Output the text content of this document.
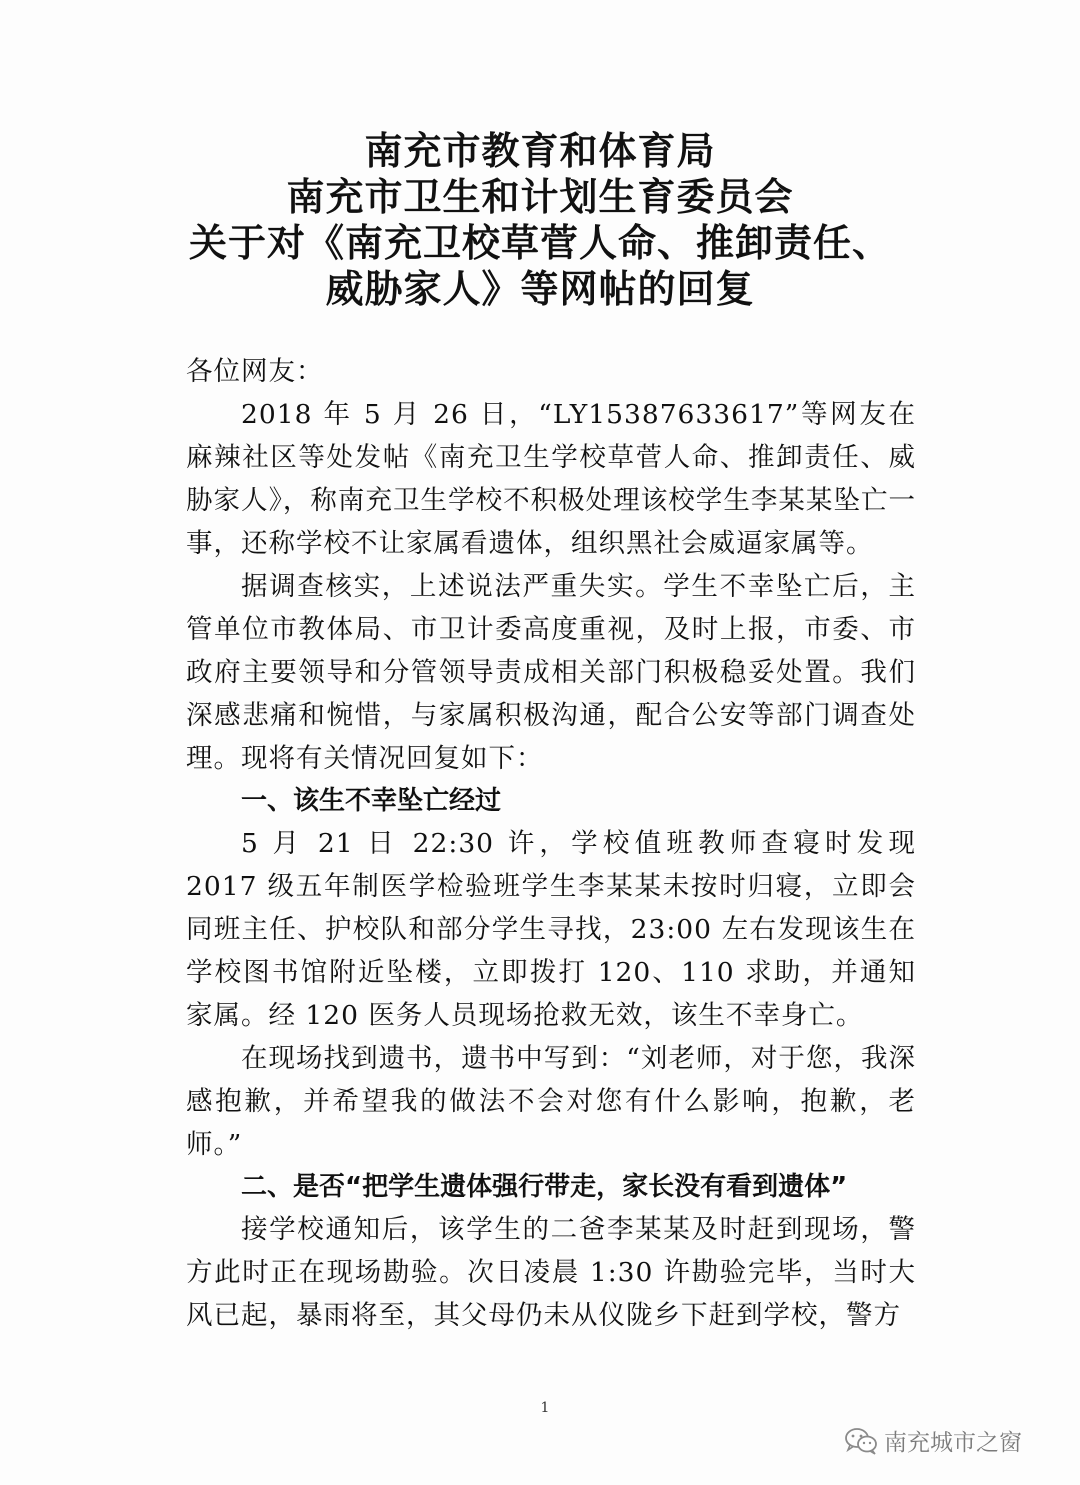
南充市教育和体育局
南充市卫生和计划生育委员会
关于对《南充卫校草菅人命、推卸责任、
威胁家人》等网帖的回复

各位网友：

2018 年 5 月 26 日，“LY15387633617”等网友在麻辣社区等处发帖《南充卫生学校草菅人命、推卸责任、威胁家人》，称南充卫生学校不积极处理该校学生李某某坠亡一事，还称学校不让家属看遗体，组织黑社会威逼家属等。

据调查核实，上述说法严重失实。学生不幸坠亡后，主管单位市教体局、市卫计委高度重视，及时上报，市委、市政府主要领导和分管领导责成相关部门积极稳妥处置。我们深感悲痛和惋惜，与家属积极沟通，配合公安等部门调查处理。现将有关情况回复如下：

一、该生不幸坠亡经过

5 月 21 日 22:30 许，学校值班教师查寝时发现 2017 级五年制医学检验班学生李某某未按时归寝，立即会同班主任、护校队和部分学生寻找，23:00 左右发现该生在学校图书馆附近坠楼，立即拨打 120、110 求助，并通知家属。经 120 医务人员现场抢救无效，该生不幸身亡。

在现场找到遗书，遗书中写到：“刘老师，对于您，我深感抱歉，并希望我的做法不会对您有什么影响，抱歉，老师。”

二、是否“把学生遗体强行带走，家长没有看到遗体”

接学校通知后，该学生的二爸李某某及时赶到现场，警方此时正在现场勘验。次日凌晨 1:30 许勘验完毕，当时大风已起，暴雨将至，其父母仍未从仪陇乡下赶到学校，警方

1
南充城市之窗
